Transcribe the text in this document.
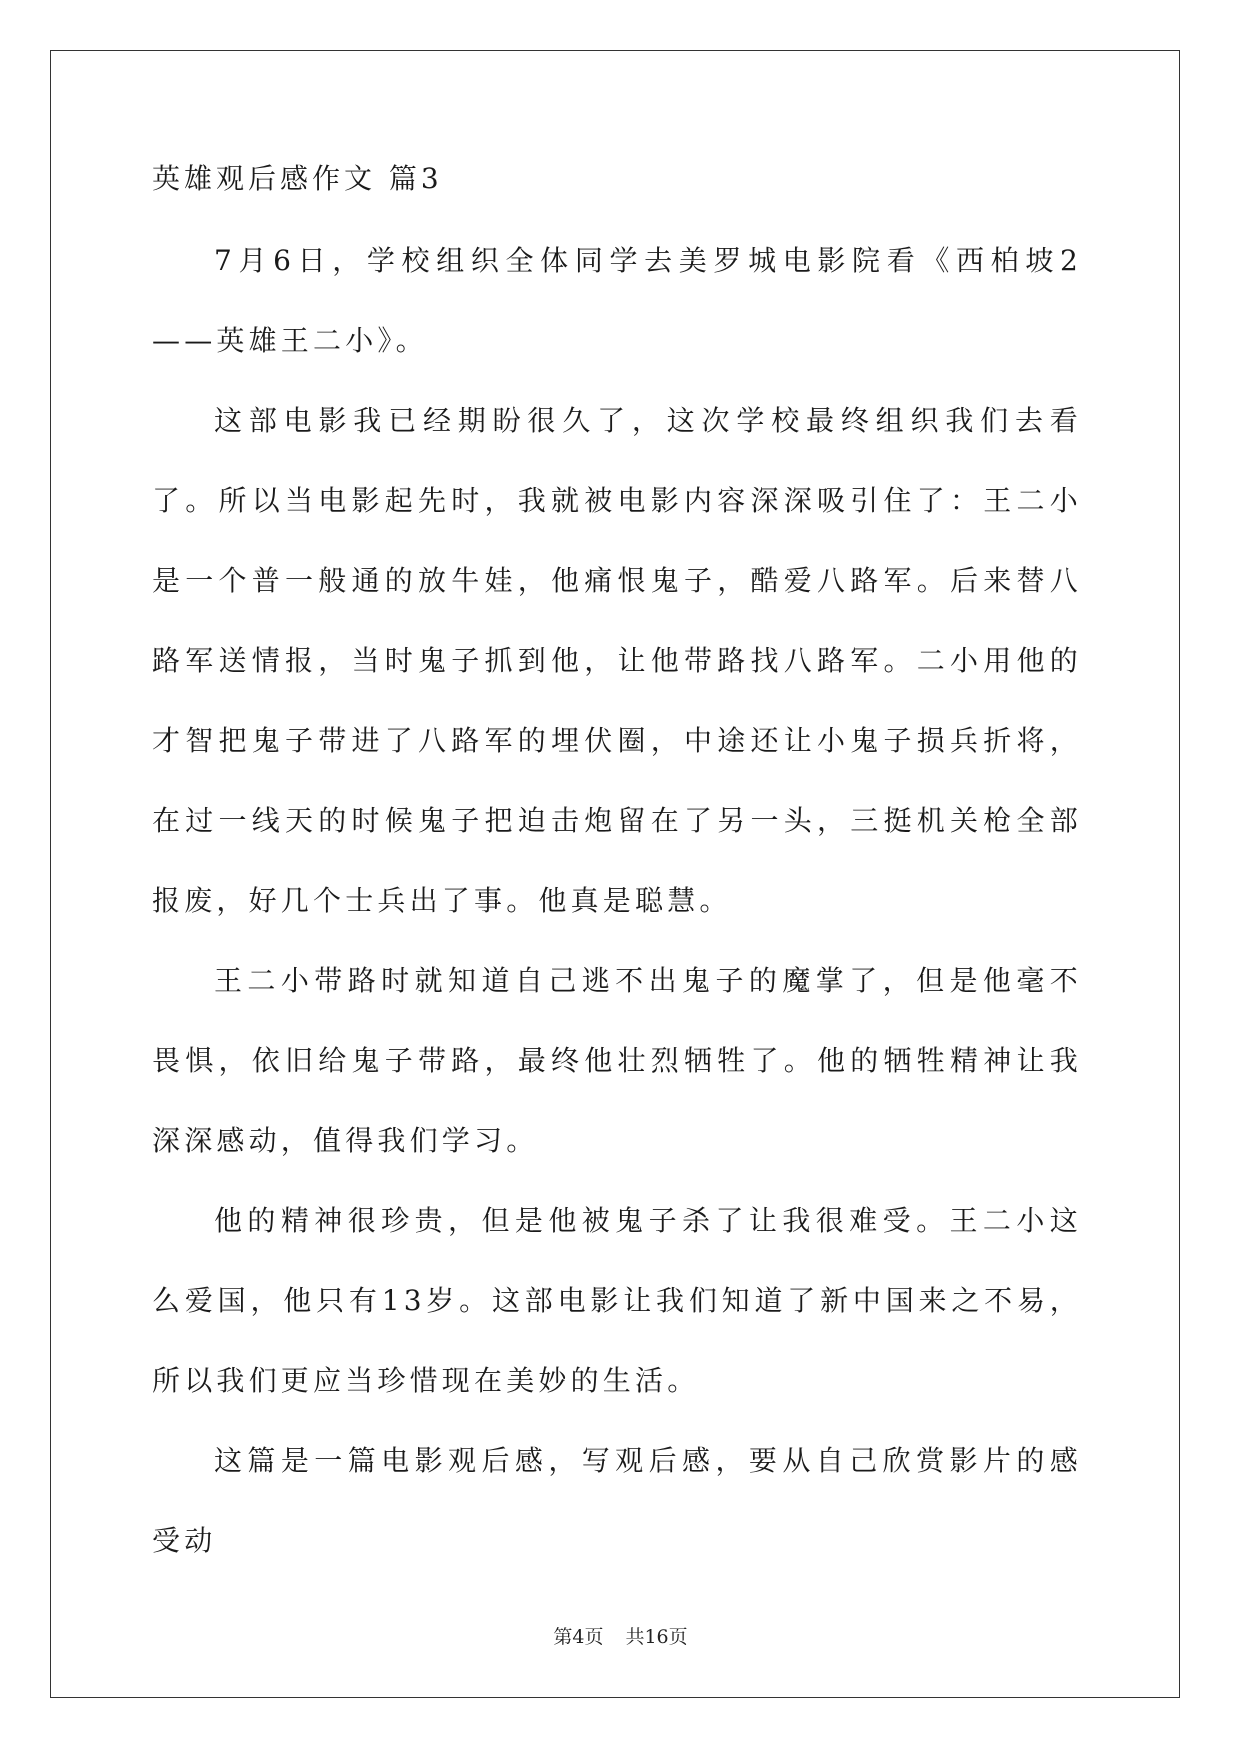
英雄观后感作文 篇3

7月6日，学校组织全体同学去美罗城电影院看《西柏坡2——英雄王二小》。

这部电影我已经期盼很久了，这次学校最终组织我们去看了。所以当电影起先时，我就被电影内容深深吸引住了：王二小是一个普一般通的放牛娃，他痛恨鬼子，酷爱八路军。后来替八路军送情报，当时鬼子抓到他，让他带路找八路军。二小用他的才智把鬼子带进了八路军的埋伏圈，中途还让小鬼子损兵折将，在过一线天的时候鬼子把迫击炮留在了另一头，三挺机关枪全部报废，好几个士兵出了事。他真是聪慧。

王二小带路时就知道自己逃不出鬼子的魔掌了，但是他毫不畏惧，依旧给鬼子带路，最终他壮烈牺牲了。他的牺牲精神让我深深感动，值得我们学习。

他的精神很珍贵，但是他被鬼子杀了让我很难受。王二小这么爱国，他只有13岁。这部电影让我们知道了新中国来之不易，所以我们更应当珍惜现在美妙的生活。

这篇是一篇电影观后感，写观后感，要从自己欣赏影片的感受动

第4页 共16页
